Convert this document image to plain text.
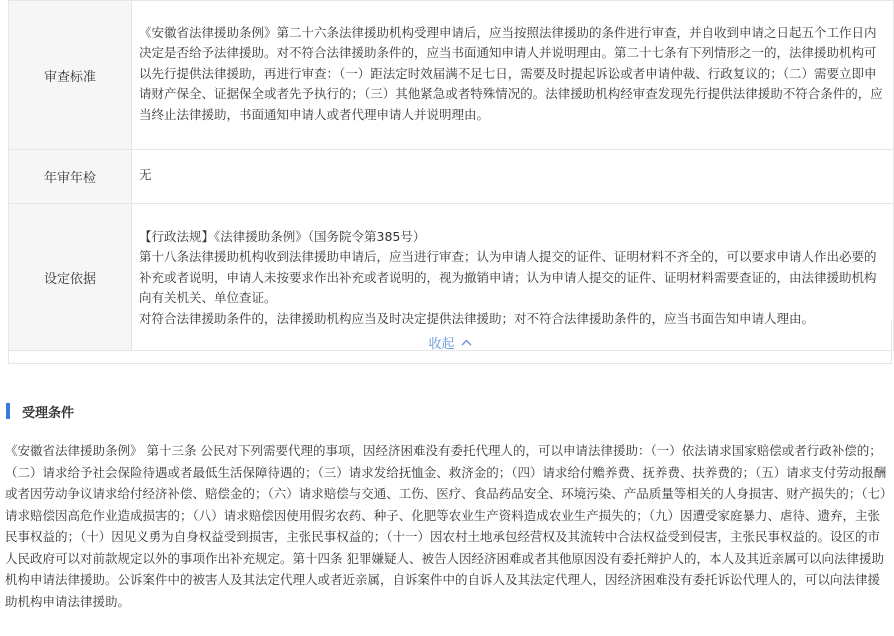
审查标准	《安徽省法律援助条例》第二十六条法律援助机构受理申请后，应当按照法律援助的条件进行审查，并自收到申请之日起五个工作日内决定是否给予法律援助。对不符合法律援助条件的，应当书面通知申请人并说明理由。第二十七条有下列情形之一的，法律援助机构可以先行提供法律援助，再进行审查：（一）距法定时效届满不足七日，需要及时提起诉讼或者申请仲裁、行政复议的；（二）需要立即申请财产保全、证据保全或者先予执行的；（三）其他紧急或者特殊情况的。法律援助机构经审查发现先行提供法律援助不符合条件的，应当终止法律援助，书面通知申请人或者代理申请人并说明理由。
年审年检	无
设定依据	【行政法规】《法律援助条例》（国务院令第385号）
第十八条法律援助机构收到法律援助申请后，应当进行审查；认为申请人提交的证件、证明材料不齐全的，可以要求申请人作出必要的补充或者说明，申请人未按要求作出补充或者说明的，视为撤销申请；认为申请人提交的证件、证明材料需要查证的，由法律援助机构向有关机关、单位查证。
对符合法律援助条件的，法律援助机构应当及时决定提供法律援助；对不符合法律援助条件的，应当书面告知申请人理由。
收起
受理条件
《安徽省法律援助条例》 第十三条 公民对下列需要代理的事项，因经济困难没有委托代理人的，可以申请法律援助：（一）依法请求国家赔偿或者行政补偿的；（二）请求给予社会保险待遇或者最低生活保障待遇的；（三）请求发给抚恤金、救济金的；（四）请求给付赡养费、抚养费、扶养费的；（五）请求支付劳动报酬或者因劳动争议请求给付经济补偿、赔偿金的；（六）请求赔偿与交通、工伤、医疗、食品药品安全、环境污染、产品质量等相关的人身损害、财产损失的；（七）请求赔偿因高危作业造成损害的；（八）请求赔偿因使用假劣农药、种子、化肥等农业生产资料造成农业生产损失的；（九）因遭受家庭暴力、虐待、遗弃，主张民事权益的；（十）因见义勇为自身权益受到损害，主张民事权益的；（十一）因农村土地承包经营权及其流转中合法权益受到侵害，主张民事权益的。设区的市人民政府可以对前款规定以外的事项作出补充规定。第十四条 犯罪嫌疑人、被告人因经济困难或者其他原因没有委托辩护人的，本人及其近亲属可以向法律援助机构申请法律援助。公诉案件中的被害人及其法定代理人或者近亲属，自诉案件中的自诉人及其法定代理人，因经济困难没有委托诉讼代理人的，可以向法律援助机构申请法律援助。
